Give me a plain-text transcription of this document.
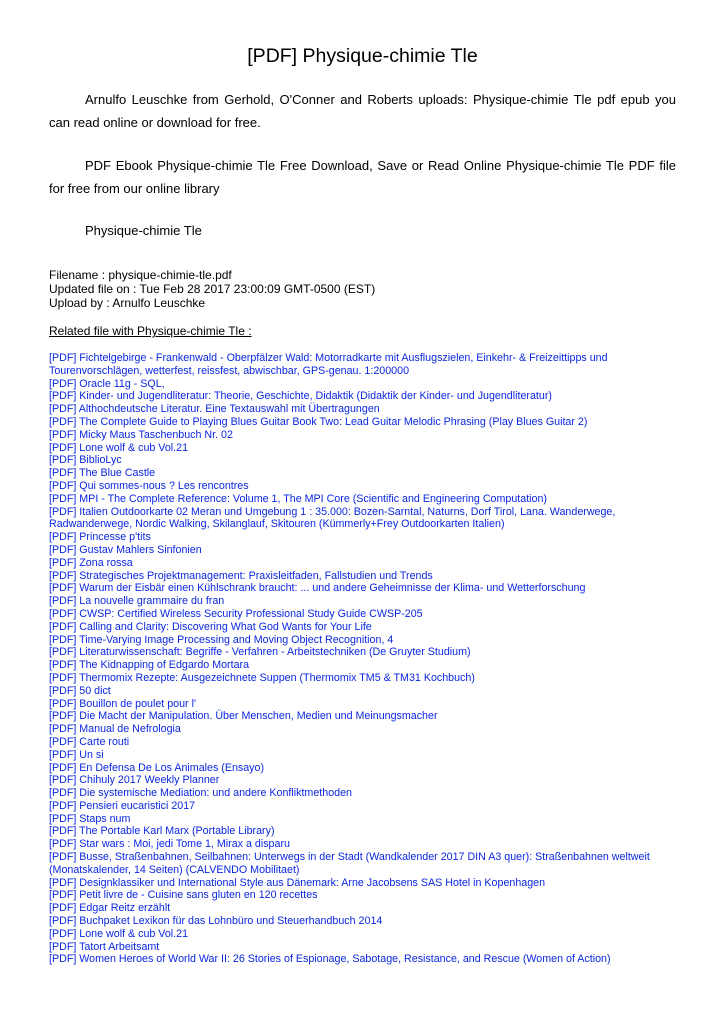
[PDF] Physique-chimie Tle

Arnulfo Leuschke from Gerhold, O'Conner and Roberts uploads: Physique-chimie Tle pdf epub you can read online or download for free.

PDF Ebook Physique-chimie Tle Free Download, Save or Read Online Physique-chimie Tle PDF file for free from our online library

Physique-chimie Tle

Filename : physique-chimie-tle.pdf
Updated file on : Tue Feb 28 2017 23:00:09 GMT-0500 (EST)
Upload by : Arnulfo Leuschke

Related file with Physique-chimie Tle :

[PDF] Fichtelgebirge - Frankenwald - Oberpfälzer Wald: Motorradkarte mit Ausflugszielen, Einkehr- & Freizeittipps und Tourenvorschlägen, wetterfest, reissfest, abwischbar, GPS-genau. 1:200000
[PDF] Oracle 11g - SQL,
[PDF] Kinder- und Jugendliteratur: Theorie, Geschichte, Didaktik (Didaktik der Kinder- und Jugendliteratur)
[PDF] Althochdeutsche Literatur. Eine Textauswahl mit Übertragungen
[PDF] The Complete Guide to Playing Blues Guitar Book Two: Lead Guitar Melodic Phrasing (Play Blues Guitar 2)
[PDF] Micky Maus Taschenbuch Nr. 02
[PDF] Lone wolf & cub Vol.21
[PDF] BiblioLyc
[PDF] The Blue Castle
[PDF] Qui sommes-nous ? Les rencontres
[PDF] MPI - The Complete Reference: Volume 1, The MPI Core (Scientific and Engineering Computation)
[PDF] Italien Outdoorkarte 02 Meran und Umgebung 1 : 35.000: Bozen-Sarntal, Naturns, Dorf Tirol, Lana. Wanderwege, Radwanderwege, Nordic Walking, Skilanglauf, Skitouren (Kümmerly+Frey Outdoorkarten Italien)
[PDF] Princesse p'tits
[PDF] Gustav Mahlers Sinfonien
[PDF] Zona rossa
[PDF] Strategisches Projektmanagement: Praxisleitfaden, Fallstudien und Trends
[PDF] Warum der Eisbär einen Kühlschrank braucht: ... und andere Geheimnisse der Klima- und Wetterforschung
[PDF] La nouvelle grammaire du fran
[PDF] CWSP: Certified Wireless Security Professional Study Guide CWSP-205
[PDF] Calling and Clarity: Discovering What God Wants for Your Life
[PDF] Time-Varying Image Processing and Moving Object Recognition, 4
[PDF] Literaturwissenschaft: Begriffe - Verfahren - Arbeitstechniken (De Gruyter Studium)
[PDF] The Kidnapping of Edgardo Mortara
[PDF] Thermomix Rezepte: Ausgezeichnete Suppen (Thermomix TM5 & TM31 Kochbuch)
[PDF] 50 dict
[PDF] Bouillon de poulet pour l'
[PDF] Die Macht der Manipulation. Über Menschen, Medien und Meinungsmacher
[PDF] Manual de Nefrologia
[PDF] Carte routi
[PDF] Un si
[PDF] En Defensa De Los Animales (Ensayo)
[PDF] Chihuly 2017 Weekly Planner
[PDF] Die systemische Mediation: und andere Konfliktmethoden
[PDF] Pensieri eucaristici 2017
[PDF] Staps num
[PDF] The Portable Karl Marx (Portable Library)
[PDF] Star wars : Moi, jedi Tome 1, Mirax a disparu
[PDF] Busse, Straßenbahnen, Seilbahnen: Unterwegs in der Stadt (Wandkalender 2017 DIN A3 quer): Straßenbahnen weltweit (Monatskalender, 14 Seiten) (CALVENDO Mobilitaet)
[PDF] Designklassiker und International Style aus Dänemark: Arne Jacobsens SAS Hotel in Kopenhagen
[PDF] Petit livre de - Cuisine sans gluten en 120 recettes
[PDF] Edgar Reitz erzählt
[PDF] Buchpaket Lexikon für das Lohnbüro und Steuerhandbuch 2014
[PDF] Lone wolf & cub Vol.21
[PDF] Tatort Arbeitsamt
[PDF] Women Heroes of World War II: 26 Stories of Espionage, Sabotage, Resistance, and Rescue (Women of Action)
